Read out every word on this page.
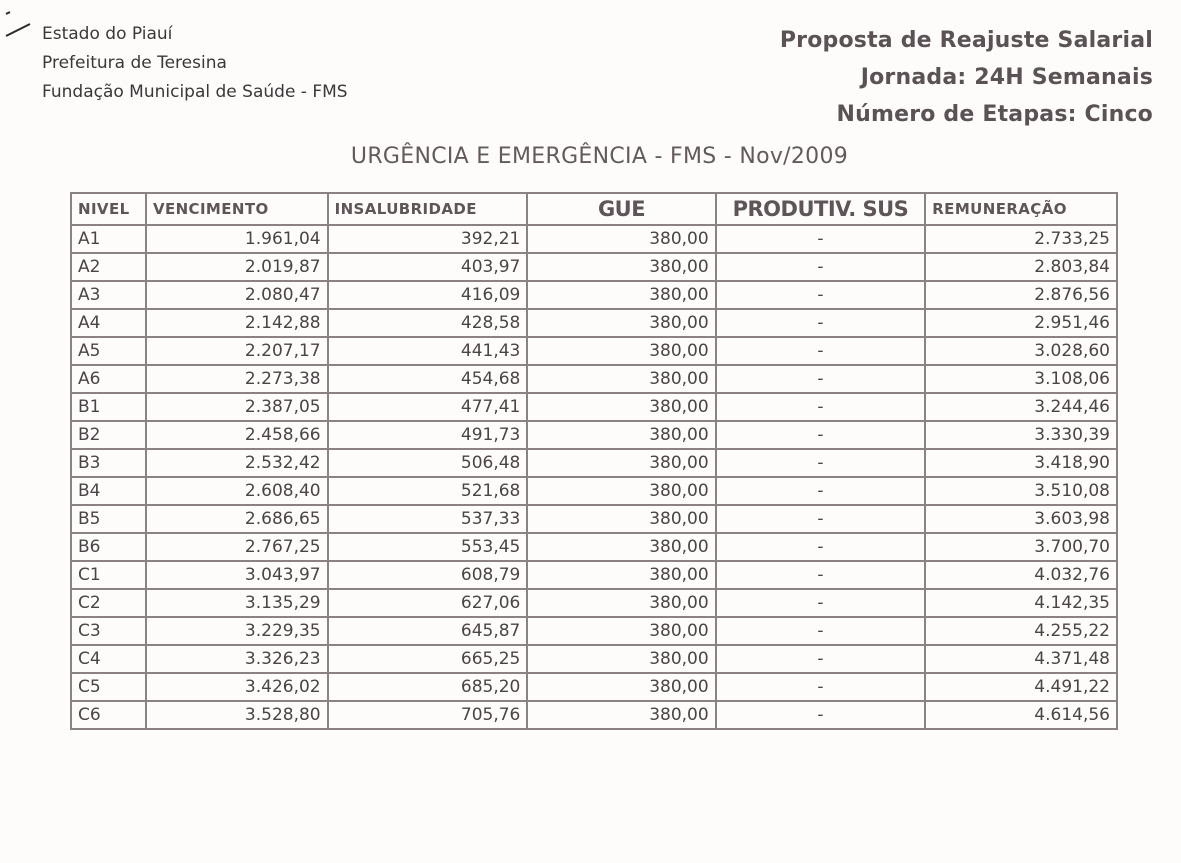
Estado do Piauí
Prefeitura de Teresina
Fundação Municipal de Saúde - FMS
Proposta de Reajuste Salarial
Jornada: 24H Semanais
Número de Etapas: Cinco
URGÊNCIA E EMERGÊNCIA - FMS - Nov/2009
NIVEL	VENCIMENTO	INSALUBRIDADE	GUE	PRODUTIV. SUS	REMUNERAÇÃO
A1	1.961,04	392,21	380,00	-	2.733,25
A2	2.019,87	403,97	380,00	-	2.803,84
A3	2.080,47	416,09	380,00	-	2.876,56
A4	2.142,88	428,58	380,00	-	2.951,46
A5	2.207,17	441,43	380,00	-	3.028,60
A6	2.273,38	454,68	380,00	-	3.108,06
B1	2.387,05	477,41	380,00	-	3.244,46
B2	2.458,66	491,73	380,00	-	3.330,39
B3	2.532,42	506,48	380,00	-	3.418,90
B4	2.608,40	521,68	380,00	-	3.510,08
B5	2.686,65	537,33	380,00	-	3.603,98
B6	2.767,25	553,45	380,00	-	3.700,70
C1	3.043,97	608,79	380,00	-	4.032,76
C2	3.135,29	627,06	380,00	-	4.142,35
C3	3.229,35	645,87	380,00	-	4.255,22
C4	3.326,23	665,25	380,00	-	4.371,48
C5	3.426,02	685,20	380,00	-	4.491,22
C6	3.528,80	705,76	380,00	-	4.614,56
